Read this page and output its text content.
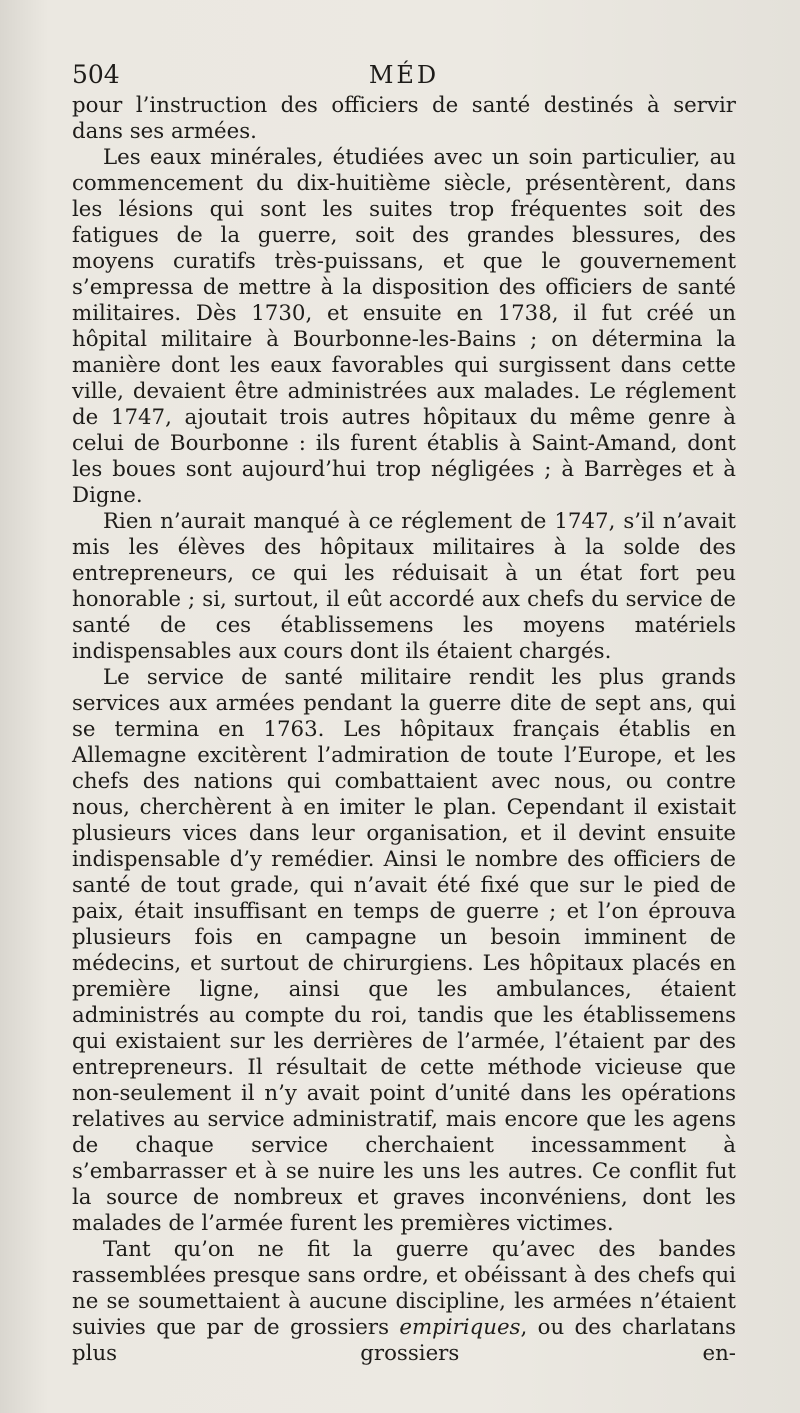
504	MÉD

pour l’instruction des officiers de santé destinés à servir dans ses armées.

Les eaux minérales, étudiées avec un soin particulier, au commencement du dix-huitième siècle, présentèrent, dans les lésions qui sont les suites trop fréquentes soit des fatigues de la guerre, soit des grandes blessures, des moyens curatifs très-puissans, et que le gouvernement s’empressa de mettre à la disposition des officiers de santé militaires. Dès 1730, et ensuite en 1738, il fut créé un hôpital militaire à Bourbonne-les-Bains ; on détermina la manière dont les eaux favorables qui surgissent dans cette ville, devaient être administrées aux malades. Le réglement de 1747, ajoutait trois autres hôpitaux du même genre à celui de Bourbonne : ils furent établis à Saint-Amand, dont les boues sont aujourd’hui trop négligées ; à Barrèges et à Digne.

Rien n’aurait manqué à ce réglement de 1747, s’il n’avait mis les élèves des hôpitaux militaires à la solde des entrepreneurs, ce qui les réduisait à un état fort peu honorable ; si, surtout, il eût accordé aux chefs du service de santé de ces établissemens les moyens matériels indispensables aux cours dont ils étaient chargés.

Le service de santé militaire rendit les plus grands services aux armées pendant la guerre dite de sept ans, qui se termina en 1763. Les hôpitaux français établis en Allemagne excitèrent l’admiration de toute l’Europe, et les chefs des nations qui combattaient avec nous, ou contre nous, cherchèrent à en imiter le plan. Cependant il existait plusieurs vices dans leur organisation, et il devint ensuite indispensable d’y remédier. Ainsi le nombre des officiers de santé de tout grade, qui n’avait été fixé que sur le pied de paix, était insuffisant en temps de guerre ; et l’on éprouva plusieurs fois en campagne un besoin imminent de médecins, et surtout de chirurgiens. Les hôpitaux placés en première ligne, ainsi que les ambulances, étaient administrés au compte du roi, tandis que les établissemens qui existaient sur les derrières de l’armée, l’étaient par des entrepreneurs. Il résultait de cette méthode vicieuse que non-seulement il n’y avait point d’unité dans les opérations relatives au service administratif, mais encore que les agens de chaque service cherchaient incessamment à s’embarrasser et à se nuire les uns les autres. Ce conflit fut la source de nombreux et graves inconvéniens, dont les malades de l’armée furent les premières victimes.

Tant qu’on ne fit la guerre qu’avec des bandes rassemblées presque sans ordre, et obéissant à des chefs qui ne se soumettaient à aucune discipline, les armées n’étaient suivies que par de grossiers empiriques, ou des charlatans plus grossiers en-
